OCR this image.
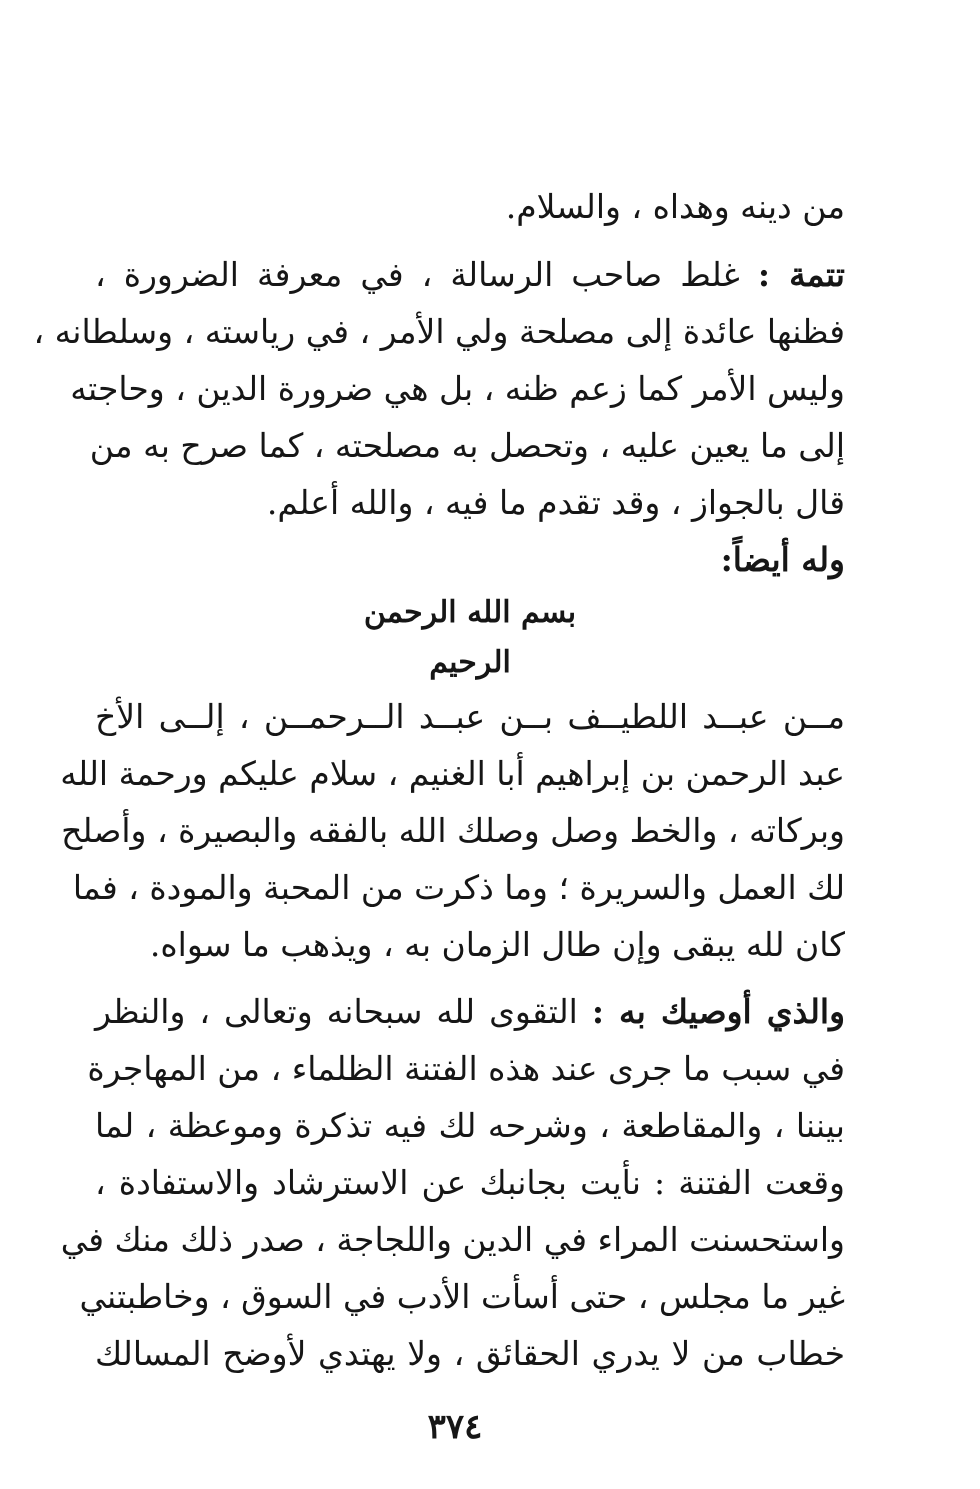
من دينه وهداه ، والسلام.
تتمة : غلط صاحب الرسالة ، في معرفة الضرورة ،
فظنها عائدة إلى مصلحة ولي الأمر ، في رياسته ، وسلطانه ،
وليس الأمر كما زعم ظنه ، بل هي ضرورة الدين ، وحاجته
إلى ما يعين عليه ، وتحصل به مصلحته ، كما صرح به من
قال بالجواز ، وقد تقدم ما فيه ، والله أعلم.
وله أيضاً:
بسم الله الرحمن الرحيم
مــن عبــد اللطيــف بــن عبــد الــرحمــن ، إلــى الأخ
عبد الرحمن بن إبراهيم أبا الغنيم ، سلام عليكم ورحمة الله
وبركاته ، والخط وصل وصلك الله بالفقه والبصيرة ، وأصلح
لك العمل والسريرة ؛ وما ذكرت من المحبة والمودة ، فما
كان لله يبقى وإن طال الزمان به ، ويذهب ما سواه.
والذي أوصيك به : التقوى لله سبحانه وتعالى ، والنظر
في سبب ما جرى عند هذه الفتنة الظلماء ، من المهاجرة
بيننا ، والمقاطعة ، وشرحه لك فيه تذكرة وموعظة ، لما
وقعت الفتنة : نأيت بجانبك عن الاسترشاد والاستفادة ،
واستحسنت المراء في الدين واللجاجة ، صدر ذلك منك في
غير ما مجلس ، حتى أسأت الأدب في السوق ، وخاطبتني
خطاب من لا يدري الحقائق ، ولا يهتدي لأوضح المسالك
٣٧٤
